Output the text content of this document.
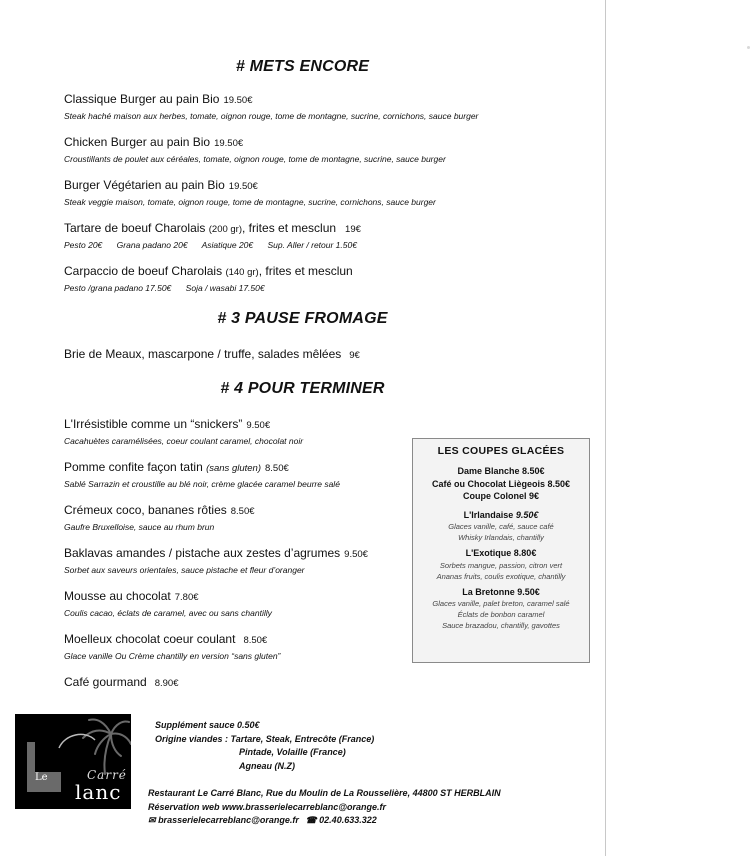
# METS ENCORE
Classique Burger au pain Bio 19.50€
Steak haché maison aux herbes, tomate, oignon rouge, tome de montagne, sucrine, cornichons, sauce burger
Chicken Burger au pain Bio 19.50€
Croustillants de poulet aux céréales, tomate, oignon rouge, tome de montagne, sucrine, sauce burger
Burger Végétarien au pain Bio 19.50€
Steak veggie maison, tomate, oignon rouge, tome de montagne, sucrine, cornichons, sauce burger
Tartare de boeuf Charolais (200 gr), frites et mesclun 19€
Pesto 20€ Grana padano 20€ Asiatique 20€ Sup. Aller / retour 1.50€
Carpaccio de boeuf Charolais (140 gr), frites et mesclun
Pesto /grana padano 17.50€ Soja / wasabi 17.50€
# 3 PAUSE FROMAGE
Brie de Meaux, mascarpone / truffe, salades mêlées 9€
# 4 POUR TERMINER
L'Irrésistible comme un “snickers” 9.50€
Cacahuètes caramélisées, coeur coulant caramel, chocolat noir
Pomme confite façon tatin (sans gluten) 8.50€
Sablé Sarrazin et croustille au blé noir, crème glacée caramel beurre salé
Crémeux coco, bananes rôties 8.50€
Gaufre Bruxelloise, sauce au rhum brun
Baklavas amandes / pistache aux zestes d’agrumes 9.50€
Sorbet aux saveurs orientales, sauce pistache et fleur d’oranger
Mousse au chocolat 7.80€
Coulis cacao, éclats de caramel, avec ou sans chantilly
Moelleux chocolat coeur coulant 8.50€
Glace vanille Ou Crème chantilly en version “sans gluten”
Café gourmand 8.90€
LES COUPES GLACÉES
Dame Blanche 8.50€
Café ou Chocolat Liègeois 8.50€
Coupe Colonel 9€
L'Irlandaise 9.50€
Glaces vanille, café, sauce café
Whisky Irlandais, chantilly
L'Exotique 8.80€
Sorbets mangue, passion, citron vert
Ananas fruits, coulis exotique, chantilly
La Bretonne 9.50€
Glaces vanille, palet breton, caramel salé
Éclats de bonbon caramel
Sauce brazadou, chantilly, gavottes
Le	Carré
lanc
Supplément sauce 0.50€
Origine viandes : Tartare, Steak, Entrecôte (France)
Pintade, Volaille (France)
Agneau (N.Z)
Restaurant Le Carré Blanc, Rue du Moulin de La Rousselière, 44800 ST HERBLAIN
Réservation web www.brasserielecarreblanc@orange.fr
✉ brasserielecarreblanc@orange.fr ☎ 02.40.633.322
